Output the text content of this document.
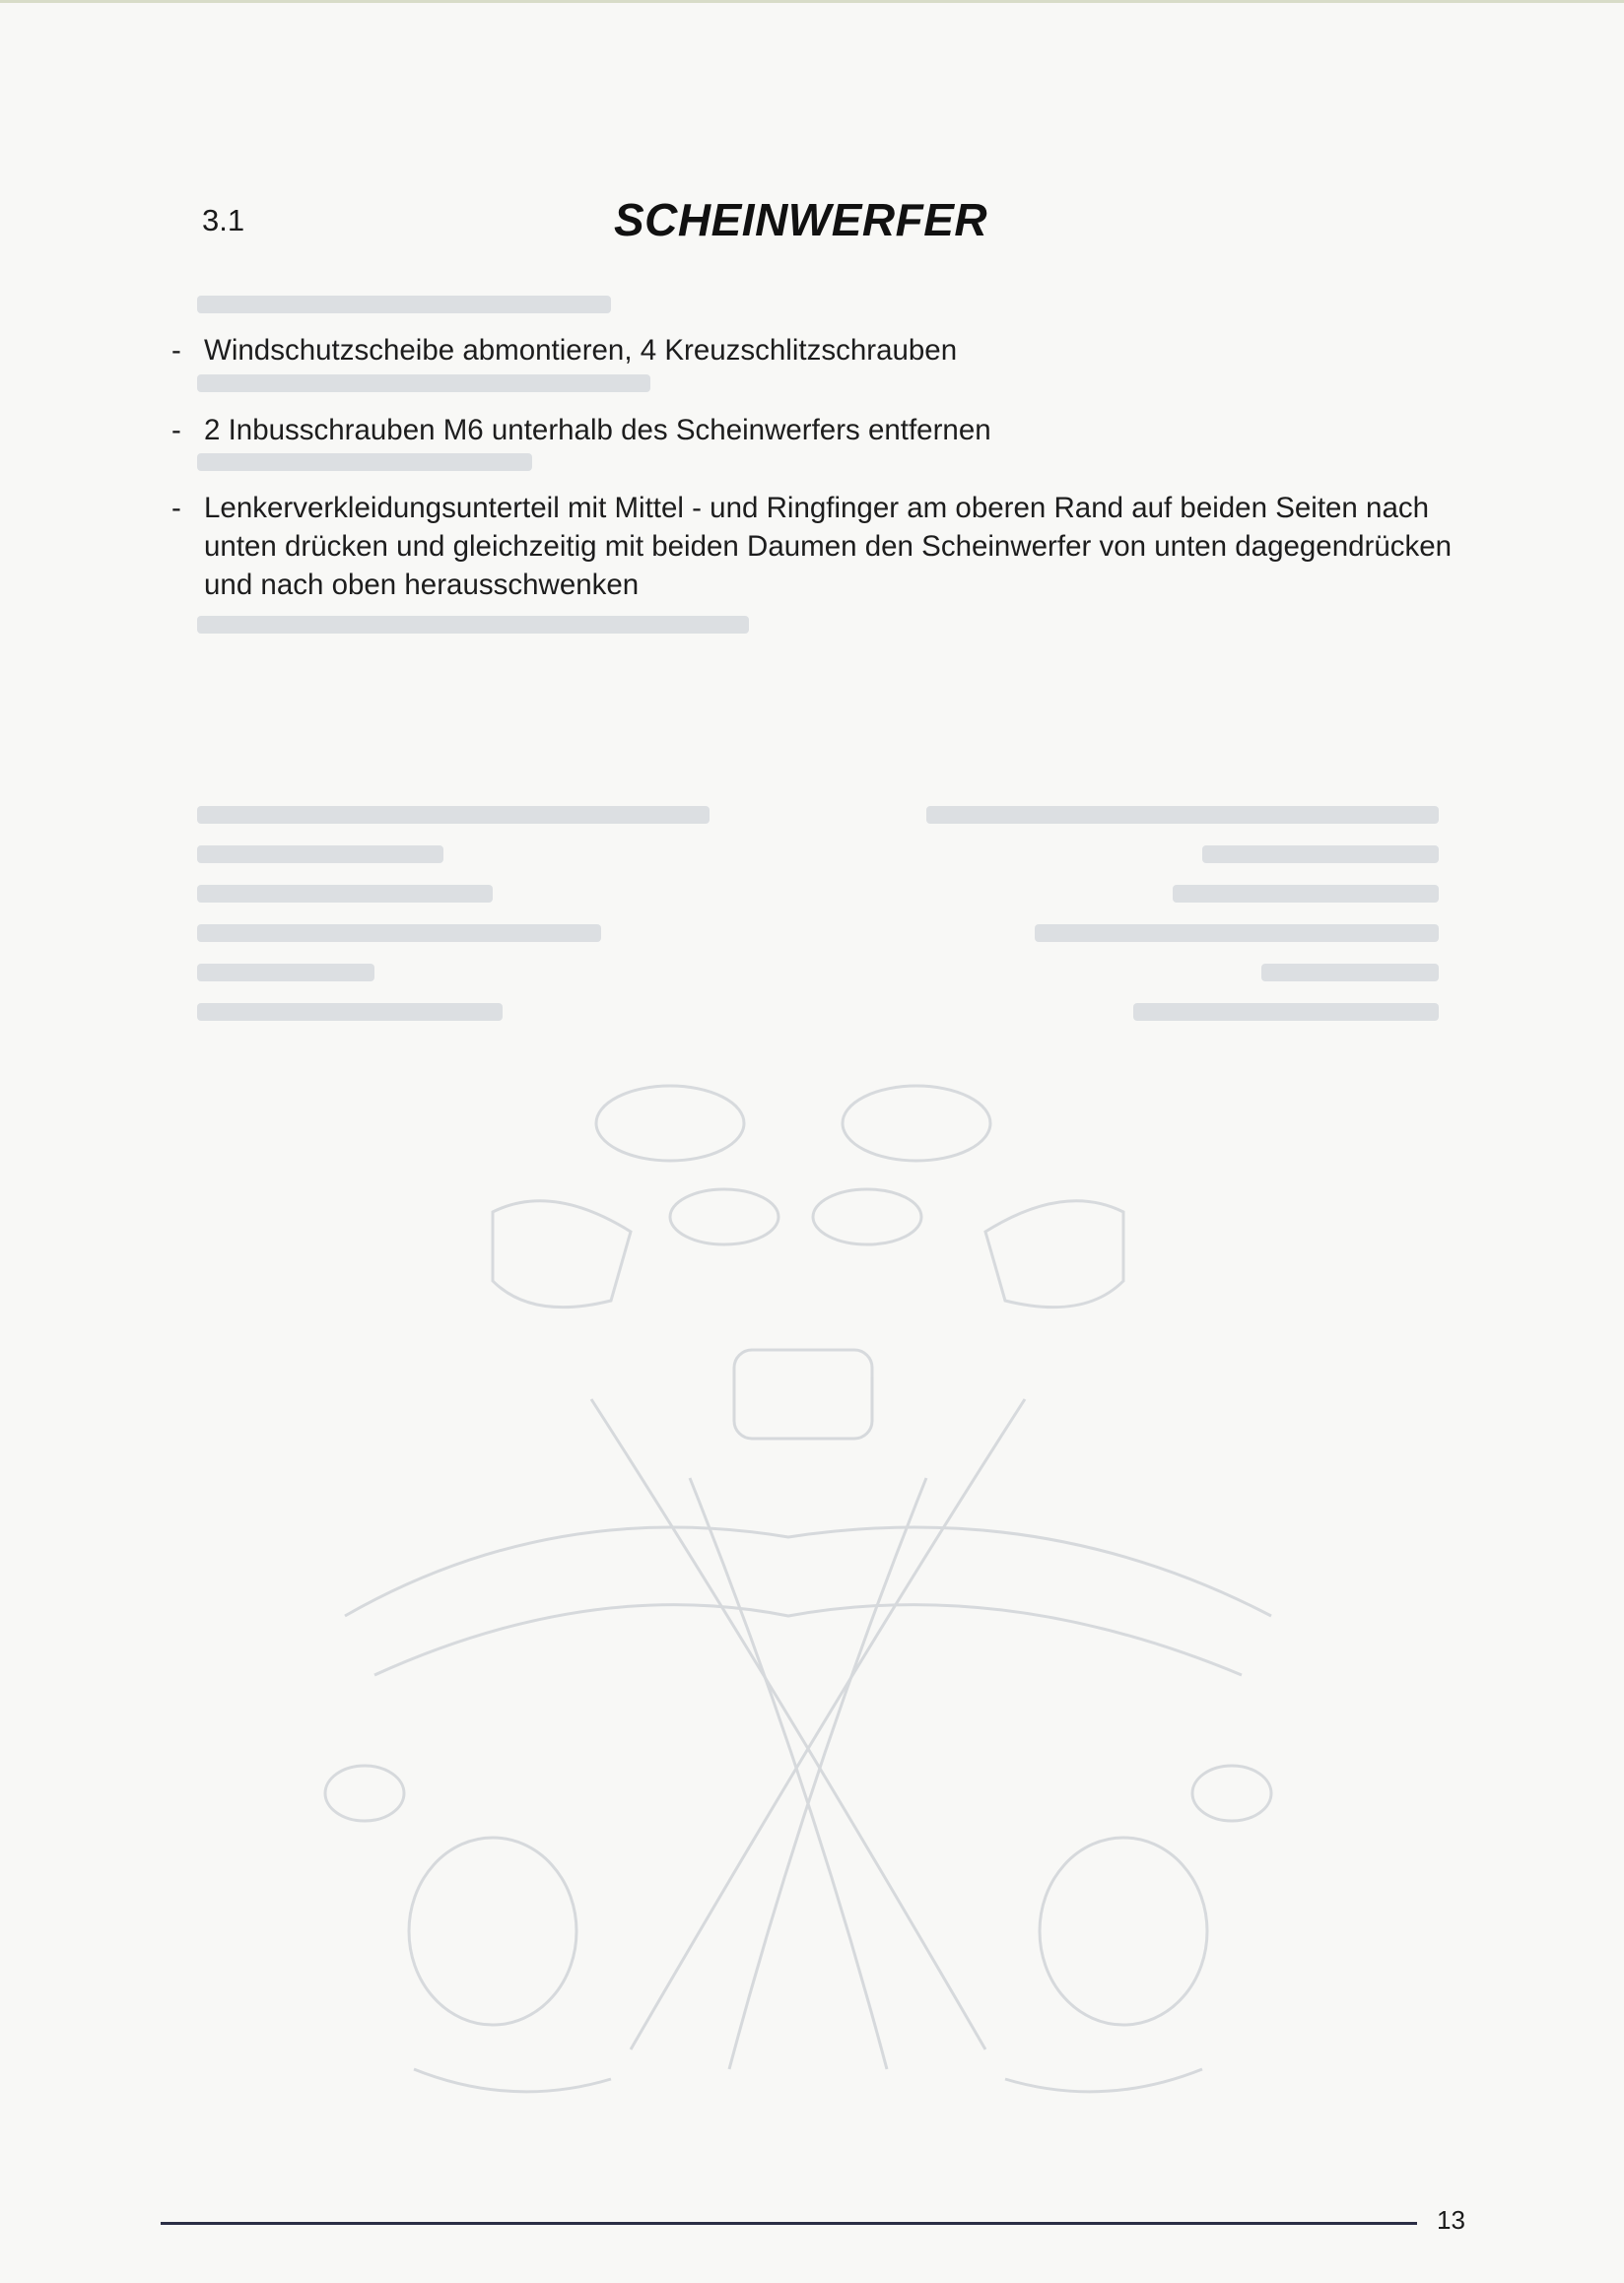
3.1	SCHEINWERFER
- Windschutzscheibe abmontieren, 4 Kreuzschlitzschrauben
- 2 Inbusschrauben M6 unterhalb des Scheinwerfers entfernen
- Lenkerverkleidungsunterteil mit Mittel - und Ringfinger am oberen Rand auf beiden Seiten nach unten drücken und gleichzeitig mit beiden Daumen den Scheinwerfer von unten dagegendrücken und nach oben herausschwenken
13
